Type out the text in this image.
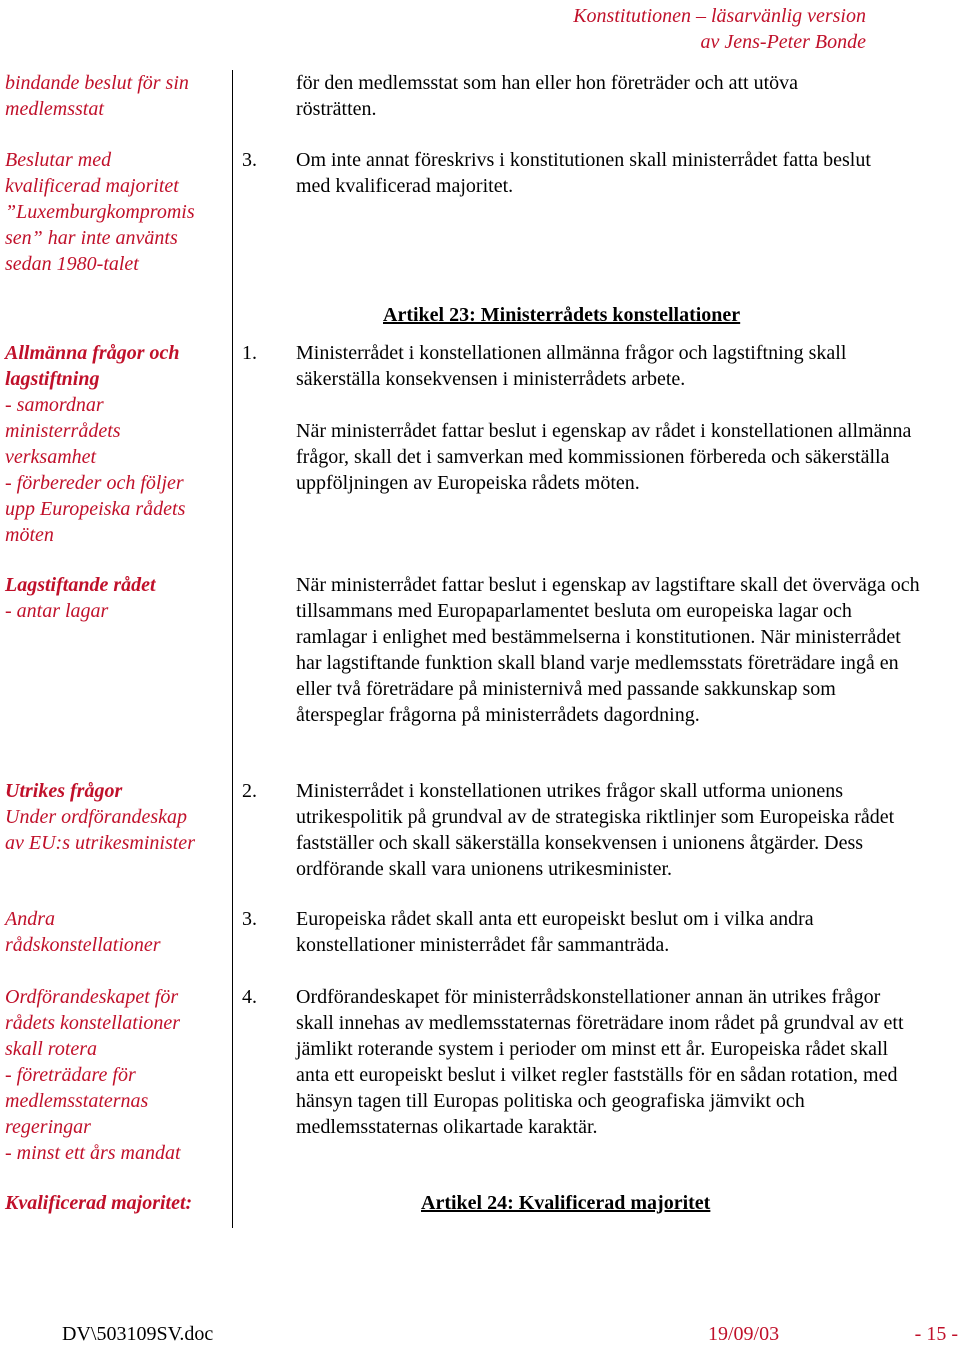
Konstitutionen – läsarvänlig version
av Jens-Peter Bonde
bindande beslut för sin
medlemsstat
Beslutar med
kvalificerad majoritet
”Luxemburgkompromis
sen” har inte använts
sedan 1980-talet
Allmänna frågor och
lagstiftning
- samordnar
ministerrådets
verksamhet
- förbereder och följer
upp Europeiska rådets
möten
Lagstiftande rådet
- antar lagar
Utrikes frågor
Under ordförandeskap
av EU:s utrikesminister
Andra
rådskonstellationer
Ordförandeskapet för
rådets konstellationer
skall rotera
- företrädare för
medlemsstaternas
regeringar
- minst ett års mandat
Kvalificerad majoritet:
för den medlemsstat som han eller hon företräder och att utöva rösträtten.
3. Om inte annat föreskrivs i konstitutionen skall ministerrådet fatta beslut med kvalificerad majoritet.
Artikel 23: Ministerrådets konstellationer
1. Ministerrådet i konstellationen allmänna frågor och lagstiftning skall säkerställa konsekvensen i ministerrådets arbete.
När ministerrådet fattar beslut i egenskap av rådet i konstellationen allmänna frågor, skall det i samverkan med kommissionen förbereda och säkerställa uppföljningen av Europeiska rådets möten.
När ministerrådet fattar beslut i egenskap av lagstiftare skall det överväga och tillsammans med Europaparlamentet besluta om europeiska lagar och ramlagar i enlighet med bestämmelserna i konstitutionen. När ministerrådet har lagstiftande funktion skall bland varje medlemsstats företrädare ingå en eller två företrädare på ministernivå med passande sakkunskap som återspeglar frågorna på ministerrådets dagordning.
2. Ministerrådet i konstellationen utrikes frågor skall utforma unionens utrikespolitik på grundval av de strategiska riktlinjer som Europeiska rådet fastställer och skall säkerställa konsekvensen i unionens åtgärder. Dess ordförande skall vara unionens utrikesminister.
3. Europeiska rådet skall anta ett europeiskt beslut om i vilka andra konstellationer ministerrådet får sammanträda.
4. Ordförandeskapet för ministerrådskonstellationer annan än utrikes frågor skall innehas av medlemsstaternas företrädare inom rådet på grundval av ett jämlikt roterande system i perioder om minst ett år. Europeiska rådet skall anta ett europeiskt beslut i vilket regler fastställs för en sådan rotation, med hänsyn tagen till Europas politiska och geografiska jämvikt och medlemsstaternas olikartade karaktär.
Artikel 24: Kvalificerad majoritet
DV\503109SV.doc	19/09/03	- 15 -
